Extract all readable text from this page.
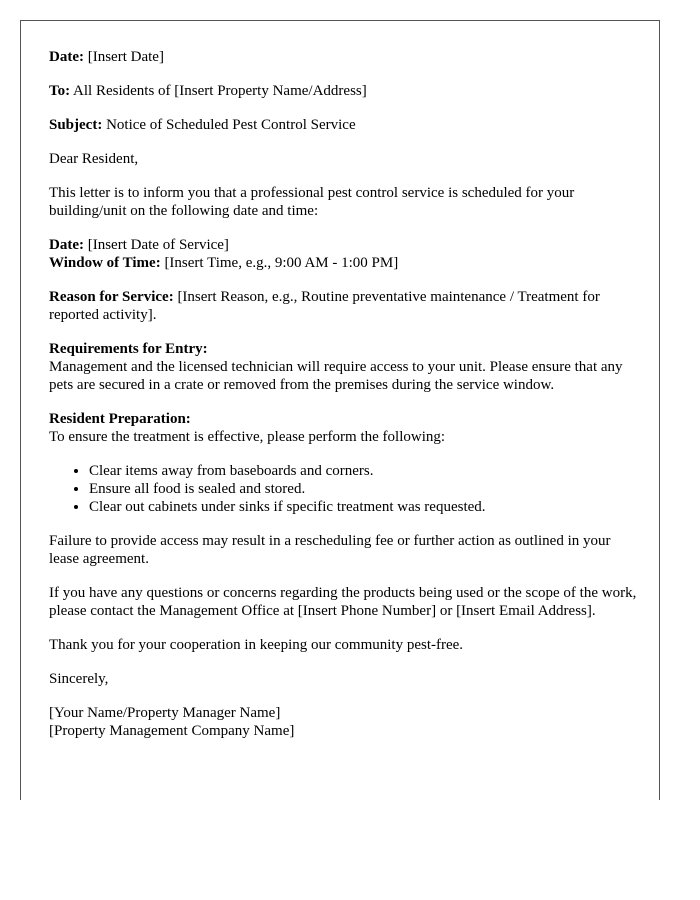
Date: [Insert Date]

To: All Residents of [Insert Property Name/Address]

Subject: Notice of Scheduled Pest Control Service

Dear Resident,

This letter is to inform you that a professional pest control service is scheduled for your building/unit on the following date and time:

Date: [Insert Date of Service]
Window of Time: [Insert Time, e.g., 9:00 AM - 1:00 PM]

Reason for Service: [Insert Reason, e.g., Routine preventative maintenance / Treatment for reported activity].

Requirements for Entry:
Management and the licensed technician will require access to your unit. Please ensure that any pets are secured in a crate or removed from the premises during the service window.

Resident Preparation:
To ensure the treatment is effective, please perform the following:

• Clear items away from baseboards and corners.
• Ensure all food is sealed and stored.
• Clear out cabinets under sinks if specific treatment was requested.

Failure to provide access may result in a rescheduling fee or further action as outlined in your lease agreement.

If you have any questions or concerns regarding the products being used or the scope of the work, please contact the Management Office at [Insert Phone Number] or [Insert Email Address].

Thank you for your cooperation in keeping our community pest-free.

Sincerely,

[Your Name/Property Manager Name]
[Property Management Company Name]
